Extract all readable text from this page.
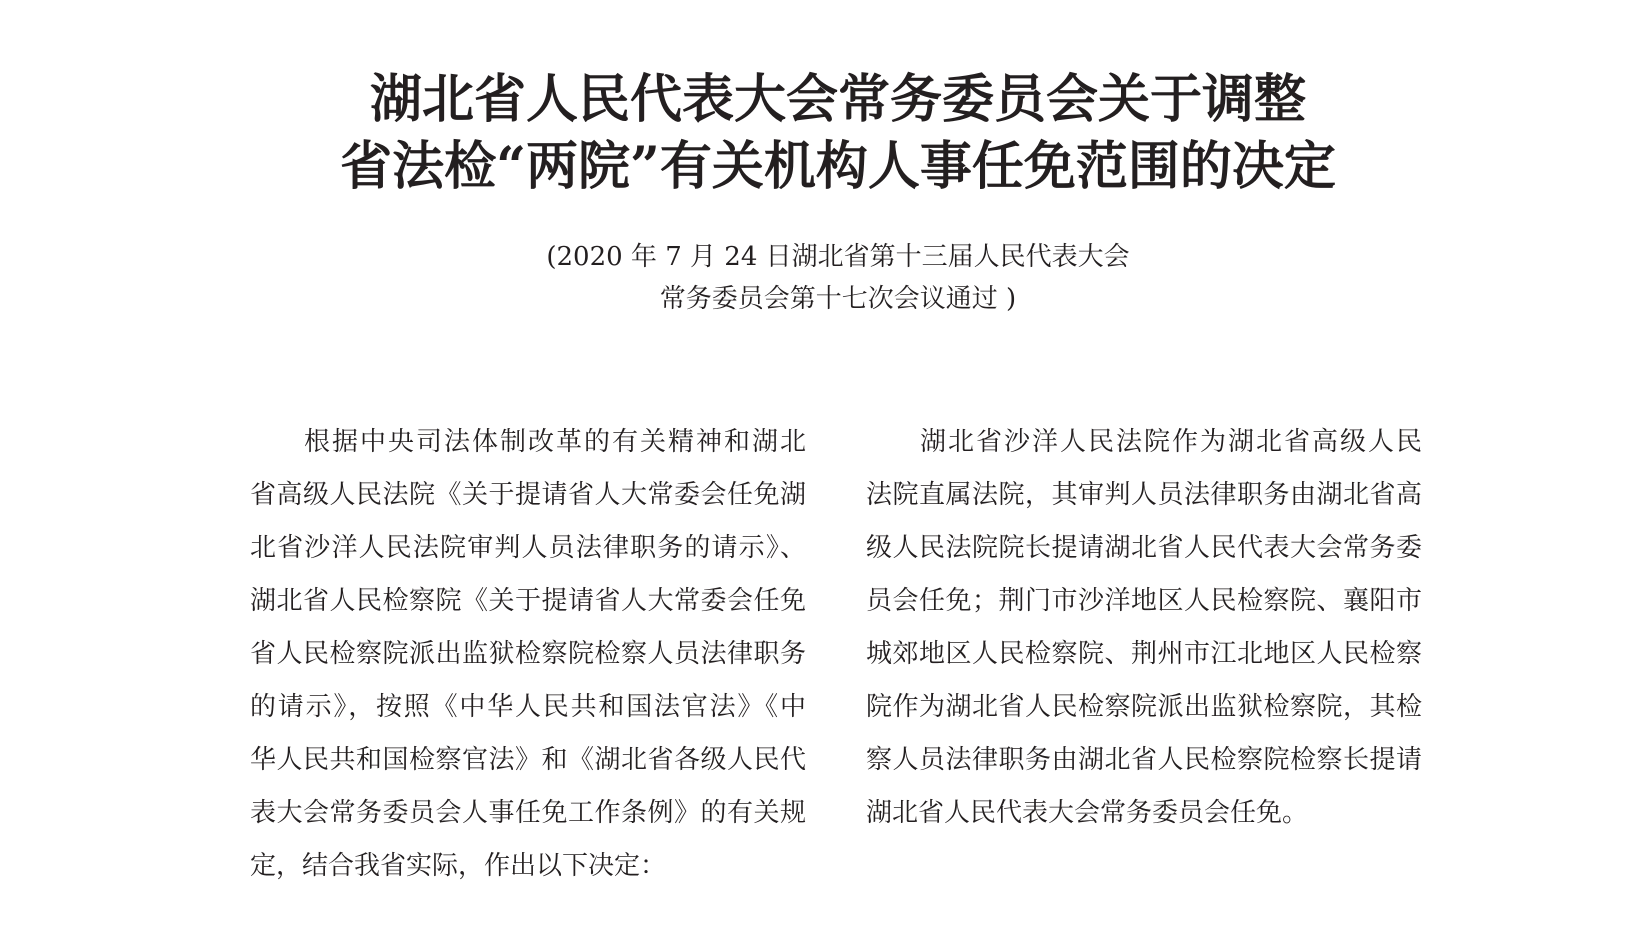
湖北省人民代表大会常务委员会关于调整
省法检“两院”有关机构人事任免范围的决定
(2020 年 7 月 24 日湖北省第十三届人民代表大会
常务委员会第十七次会议通过 )
根据中央司法体制改革的有关精神和湖北
省高级人民法院《关于提请省人大常委会任免湖
北省沙洋人民法院审判人员法律职务的请示》、
湖北省人民检察院《关于提请省人大常委会任免
省人民检察院派出监狱检察院检察人员法律职务
的请示》，按照《中华人民共和国法官法》《中
华人民共和国检察官法》和《湖北省各级人民代
表大会常务委员会人事任免工作条例》的有关规
定，结合我省实际，作出以下决定：
湖北省沙洋人民法院作为湖北省高级人民
法院直属法院，其审判人员法律职务由湖北省高
级人民法院院长提请湖北省人民代表大会常务委
员会任免；荆门市沙洋地区人民检察院、襄阳市
城郊地区人民检察院、荆州市江北地区人民检察
院作为湖北省人民检察院派出监狱检察院，其检
察人员法律职务由湖北省人民检察院检察长提请
湖北省人民代表大会常务委员会任免。
